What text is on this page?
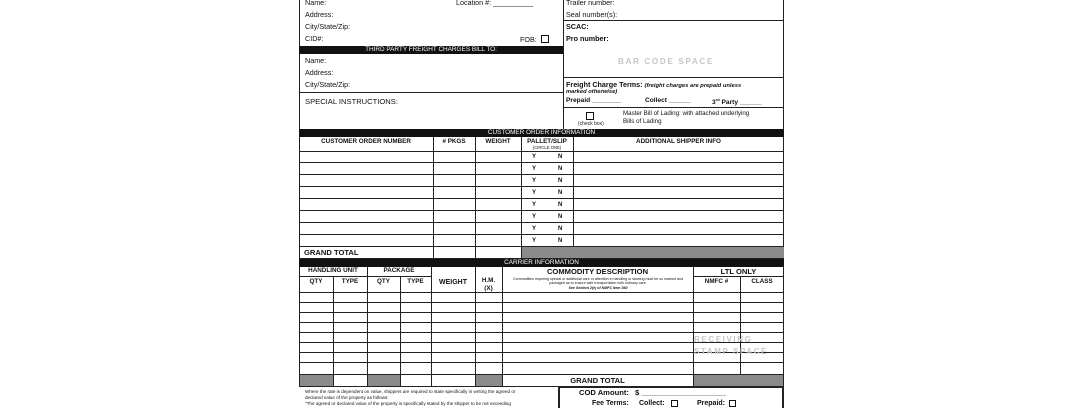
Name:	Location #: __________
Address:
City/State/Zip:
CID#:	FOB:
Trailer number:
Seal number(s):
SCAC:
Pro number:
BAR CODE SPACE
THIRD PARTY FREIGHT CHARGES BILL TO:
Name:
Address:
City/State/Zip:
SPECIAL INSTRUCTIONS:
Freight Charge Terms: (freight charges are prepaid unless
marked otherwise)
Prepaid ________	Collect ______	3rd Party ______
(check box)
Master Bill of Lading: with attached underlying
Bills of Lading
CUSTOMER ORDER INFORMATION
CUSTOMER ORDER NUMBER	# PKGS	WEIGHT	PALLET/SLIP
(CIRCLE ONE)
ADDITIONAL SHIPPER INFO
Y	N
Y	N
Y	N
Y	N
Y	N
Y	N
Y	N
Y	N
GRAND TOTAL
CARRIER INFORMATION
HANDLING UNIT	PACKAGE
QTY	TYPE	QTY	TYPE	WEIGHT	H.M.
(X)
COMMODITY DESCRIPTION
Commodities requiring special or additional care or attention in handling or stowing must be so marked and packaged as to ensure safe transportation with ordinary care.
See Section 2(e) of NMFC Item 360
LTL ONLY
NMFC #	CLASS
RECEIVING
STAMP SPACE
GRAND TOTAL
Where the rate is dependent on value, shippers are required to state specifically in writing the agreed or
declared value of the property as follows:
"The agreed or declared value of the property is specifically stated by the shipper to be not exceeding
COD Amount: $ ____________________
Fee Terms: Collect:	Prepaid:
